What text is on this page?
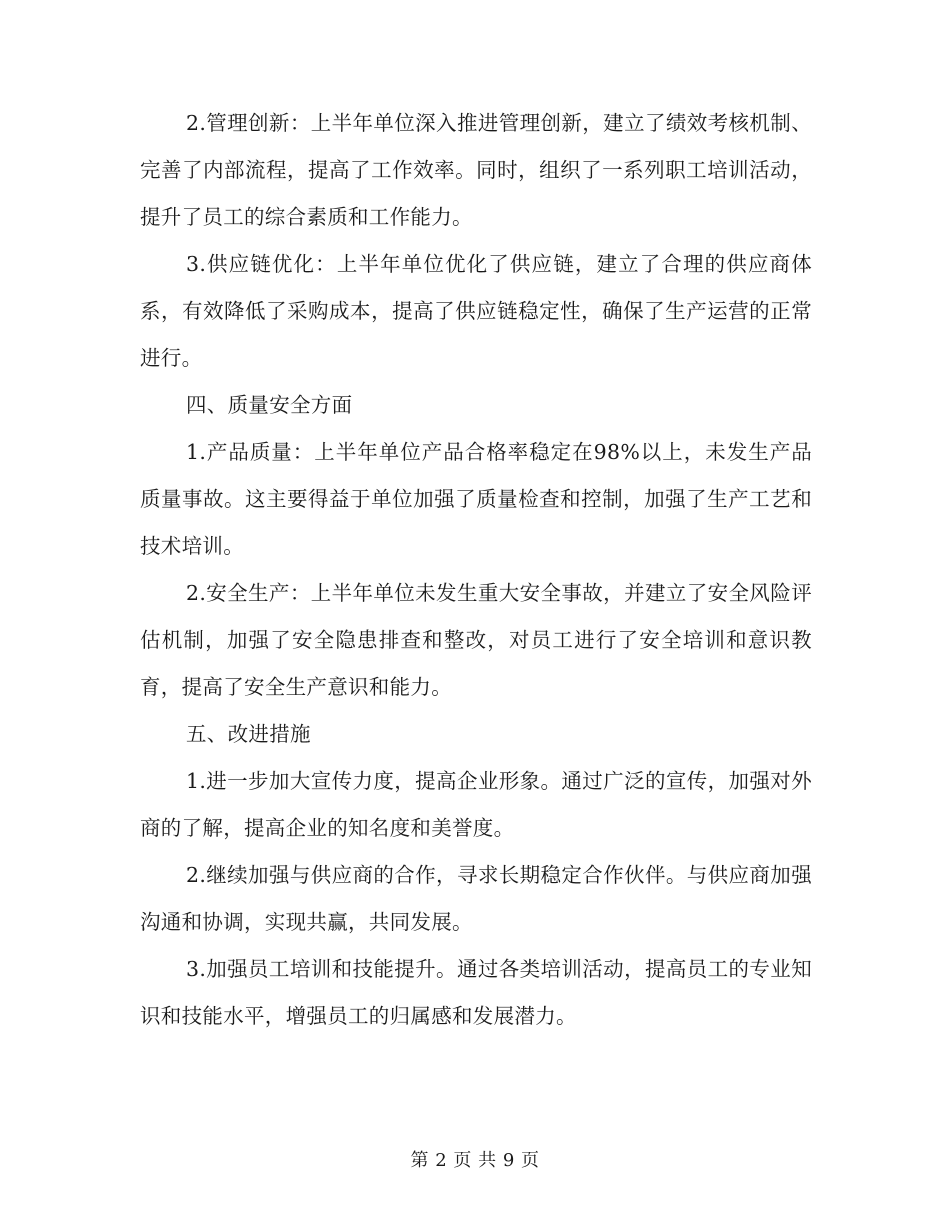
2.管理创新：上半年单位深入推进管理创新，建立了绩效考核机制、完善了内部流程，提高了工作效率。同时，组织了一系列职工培训活动，提升了员工的综合素质和工作能力。

3.供应链优化：上半年单位优化了供应链，建立了合理的供应商体系，有效降低了采购成本，提高了供应链稳定性，确保了生产运营的正常进行。

四、质量安全方面

1.产品质量：上半年单位产品合格率稳定在98%以上，未发生产品质量事故。这主要得益于单位加强了质量检查和控制，加强了生产工艺和技术培训。

2.安全生产：上半年单位未发生重大安全事故，并建立了安全风险评估机制，加强了安全隐患排查和整改，对员工进行了安全培训和意识教育，提高了安全生产意识和能力。

五、改进措施

1.进一步加大宣传力度，提高企业形象。通过广泛的宣传，加强对外商的了解，提高企业的知名度和美誉度。

2.继续加强与供应商的合作，寻求长期稳定合作伙伴。与供应商加强沟通和协调，实现共赢，共同发展。

3.加强员工培训和技能提升。通过各类培训活动，提高员工的专业知识和技能水平，增强员工的归属感和发展潜力。

第 2 页 共 9 页
